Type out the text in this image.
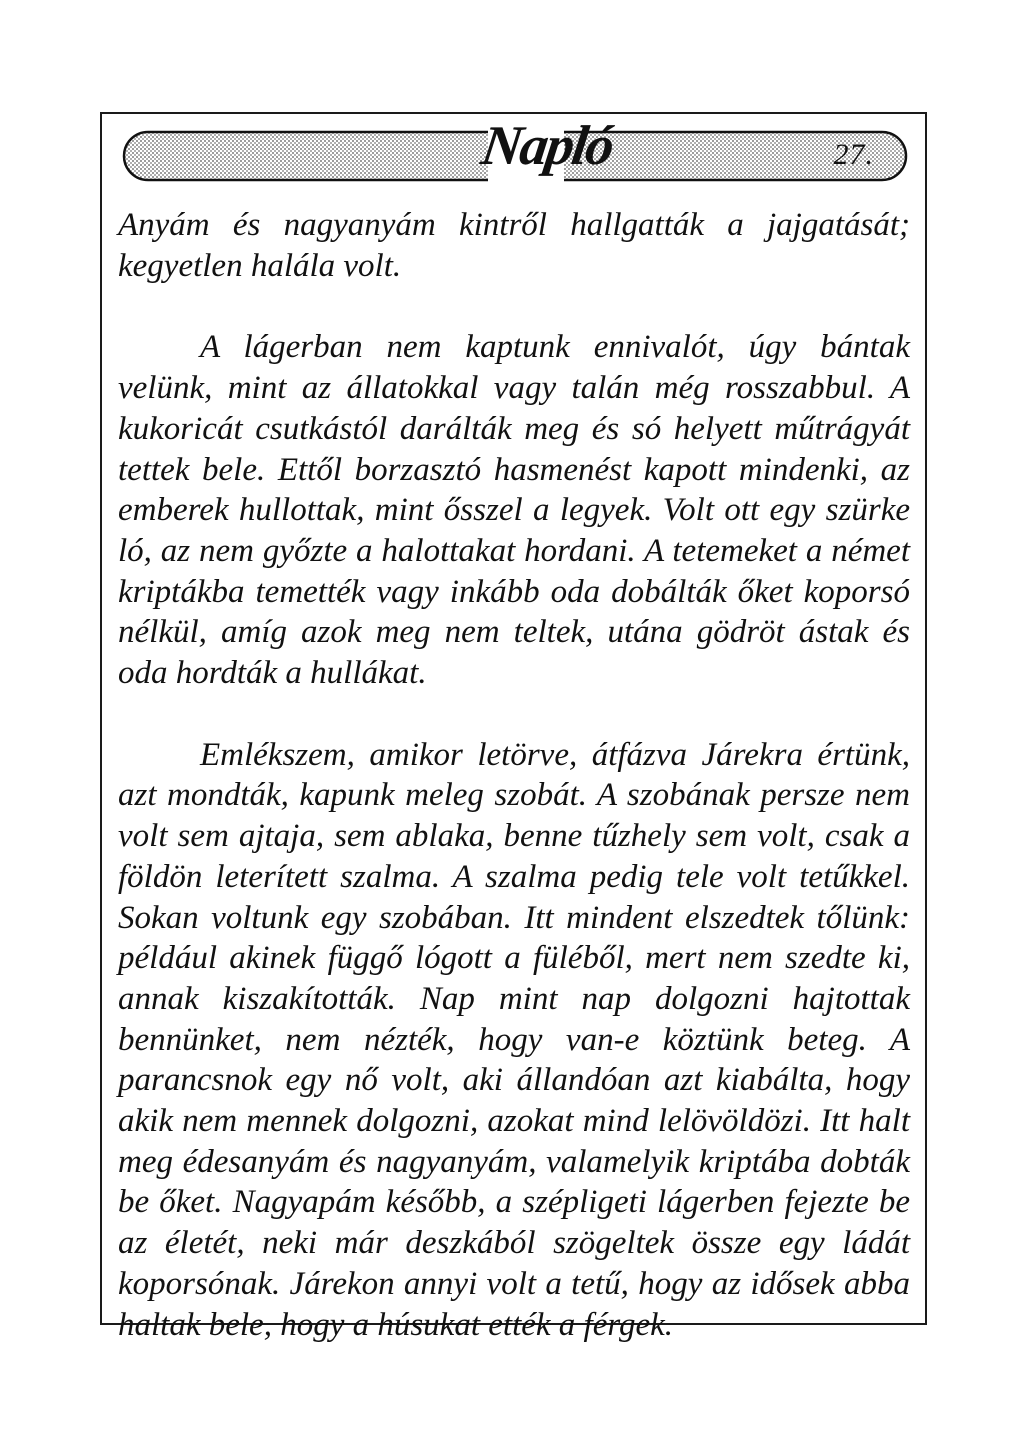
Napló	27.

Anyám és nagyanyám kintről hallgatták a jajgatását; kegyetlen halála volt.

A lágerban nem kaptunk ennivalót, úgy bántak velünk, mint az állatokkal vagy talán még rosszabbul. A kukoricát csutkástól darálták meg és só helyett műtrágyát tettek bele. Ettől borzasztó hasmenést kapott mindenki, az emberek hullottak, mint ősszel a legyek. Volt ott egy szürke ló, az nem győzte a halottakat hordani. A tetemeket a német kriptákba temették vagy inkább oda dobálták őket koporsó nélkül, amíg azok meg nem teltek, utána gödröt ástak és oda hordták a hullákat.

Emlékszem, amikor letörve, átfázva Járekra értünk, azt mondták, kapunk meleg szobát. A szobának persze nem volt sem ajtaja, sem ablaka, benne tűzhely sem volt, csak a földön leterített szalma. A szalma pedig tele volt tetűkkel. Sokan voltunk egy szobában. Itt mindent elszedtek tőlünk: például akinek függő lógott a füléből, mert nem szedte ki, annak kiszakították. Nap mint nap dolgozni hajtottak bennünket, nem nézték, hogy van-e köztünk beteg. A parancsnok egy nő volt, aki állandóan azt kiabálta, hogy akik nem mennek dolgozni, azokat mind lelövöldözi. Itt halt meg édesanyám és nagyanyám, valamelyik kriptába dobták be őket. Nagyapám később, a szépligeti lágerben fejezte be az életét, neki már deszkából szögeltek össze egy ládát koporsónak. Járekon annyi volt a tetű, hogy az idősek abba haltak bele, hogy a húsukat ették a férgek.
